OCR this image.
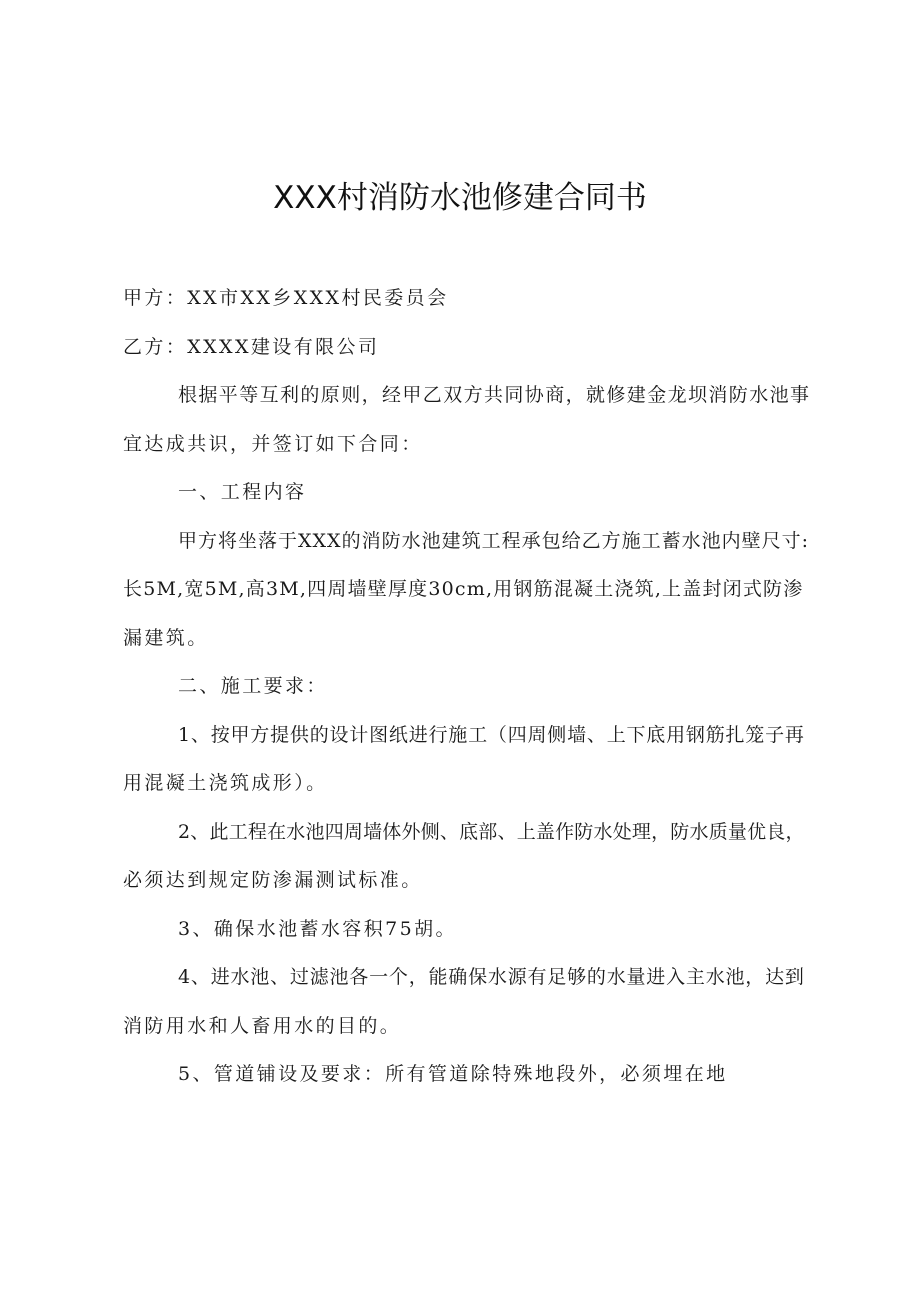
XXX村消防水池修建合同书

甲方：XX市XX乡XXX村民委员会

乙方：XXXX建设有限公司

根据平等互利的原则，经甲乙双方共同协商，就修建金龙坝消防水池事

宜达成共识，并签订如下合同：

一、工程内容

甲方将坐落于XXX的消防水池建筑工程承包给乙方施工蓄水池内壁尺寸:

长5M,宽5M,高3M,四周墙壁厚度30cm,用钢筋混凝土浇筑,上盖封闭式防渗

漏建筑。

二、施工要求：

1、按甲方提供的设计图纸进行施工（四周侧墙、上下底用钢筋扎笼子再

用混凝土浇筑成形）。

2、此工程在水池四周墙体外侧、底部、上盖作防水处理，防水质量优良，

必须达到规定防渗漏测试标准。

3、确保水池蓄水容积75胡。

4、进水池、过滤池各一个，能确保水源有足够的水量进入主水池，达到

消防用水和人畜用水的目的。

5、管道铺设及要求：所有管道除特殊地段外，必须埋在地
